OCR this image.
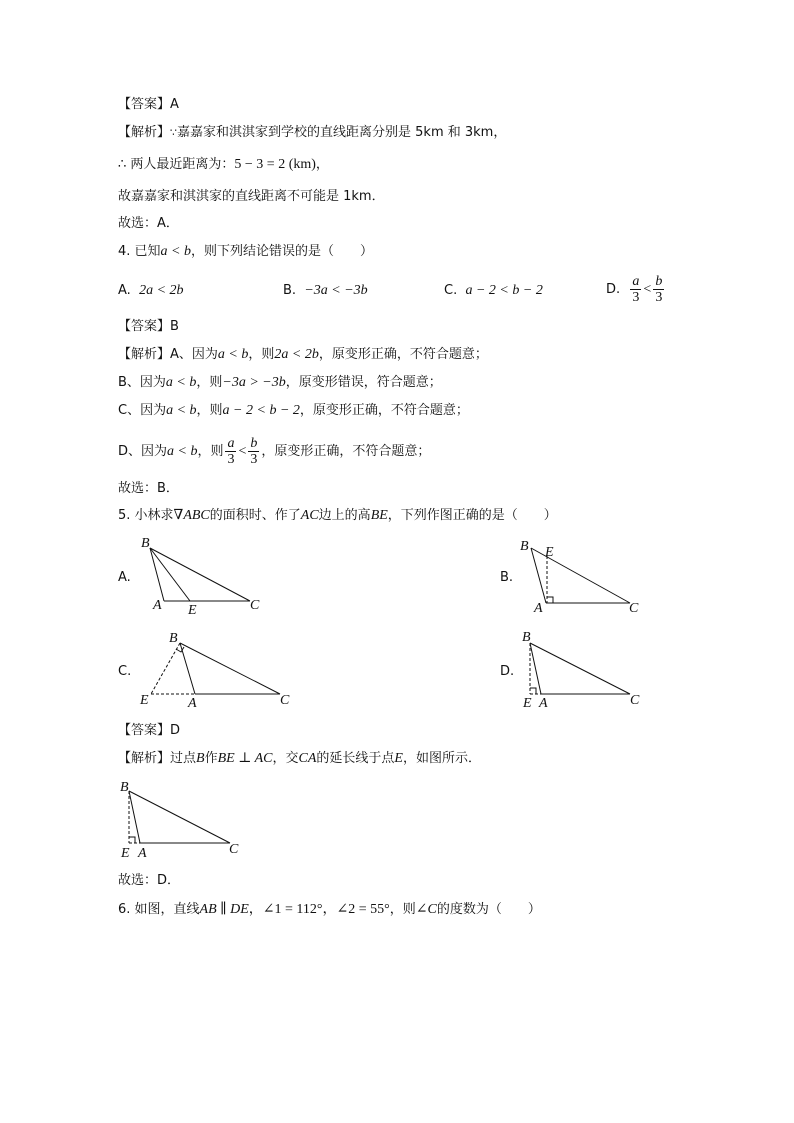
【答案】A
【解析】∵嘉嘉家和淇淇家到学校的直线距离分别是 5km 和 3km，
∴ 两人最近距离为：5 − 3 = 2 (km)，
故嘉嘉家和淇淇家的直线距离不可能是 1km．
故选：A．
4. 已知a < b，则下列结论错误的是（　　）
A. 2a < 2b	B. −3a < −3b	C. a − 2 < b − 2	D. $\frac{a}{3} < \frac{b}{3}$
【答案】B
【解析】A、因为a < b，则2a < 2b，原变形正确，不符合题意；
B、因为a < b，则−3a > −3b，原变形错误，符合题意；
C、因为a < b，则a − 2 < b − 2，原变形正确，不符合题意；
D、因为a < b，则 $\frac{a}{3} < \frac{b}{3}$ ，原变形正确，不符合题意；
故选：B．
5. 小林求∇ABC的面积时、作了AC边上的高BE，下列作图正确的是（　　）
A.	B.
C.	D.
B
A E	C
B E
A	C
B
E	A	C
B
E A	C
【答案】D
【解析】过点B作BE ⊥ AC，交CA的延长线于点E，如图所示．
B
E A	C
故选：D．
6. 如图，直线AB ∥ DE，∠1 = 112°，∠2 = 55°，则∠C的度数为（　　）
